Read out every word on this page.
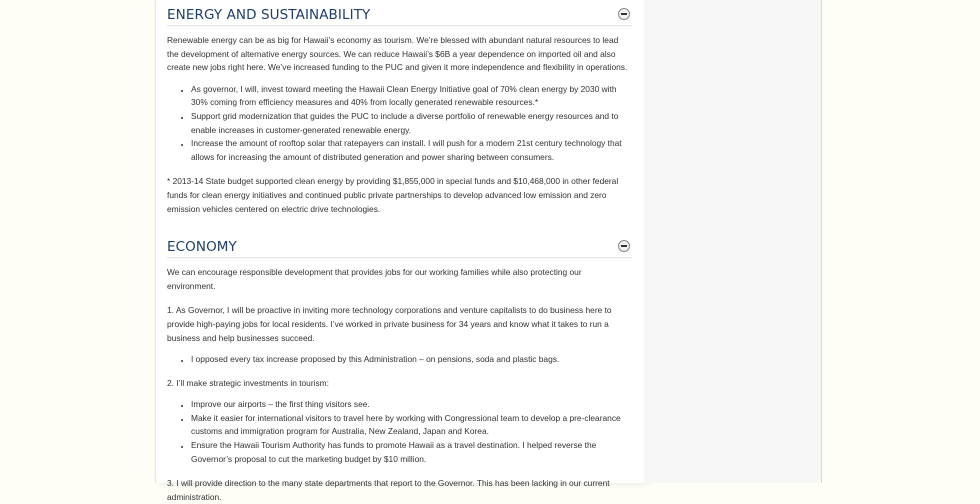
ENERGY AND SUSTAINABILITY

Renewable energy can be as big for Hawaii’s economy as tourism. We’re blessed with abundant natural resources to lead the development of alternative energy sources. We can reduce Hawaii’s $6B a year dependence on imported oil and also create new jobs right here. We’ve increased funding to the PUC and given it more independence and flexibility in operations.

• As governor, I will, invest toward meeting the Hawaii Clean Energy Initiative goal of 70% clean energy by 2030 with 30% coming from efficiency measures and 40% from locally generated renewable resources.*
• Support grid modernization that guides the PUC to include a diverse portfolio of renewable energy resources and to enable increases in customer-generated renewable energy.
• Increase the amount of rooftop solar that ratepayers can install. I will push for a modern 21st century technology that allows for increasing the amount of distributed generation and power sharing between consumers.

* 2013-14 State budget supported clean energy by providing $1,855,000 in special funds and $10,468,000 in other federal funds for clean energy initiatives and continued public private partnerships to develop advanced low emission and zero emission vehicles centered on electric drive technologies.

ECONOMY

We can encourage responsible development that provides jobs for our working families while also protecting our environment.

1. As Governor, I will be proactive in inviting more technology corporations and venture capitalists to do business here to provide high-paying jobs for local residents. I’ve worked in private business for 34 years and know what it takes to run a business and help businesses succeed.

• I opposed every tax increase proposed by this Administration – on pensions, soda and plastic bags.

2. I’ll make strategic investments in tourism:

• Improve our airports – the first thing visitors see.
• Make it easier for international visitors to travel here by working with Congressional team to develop a pre-clearance customs and immigration program for Australia, New Zealand, Japan and Korea.
• Ensure the Hawaii Tourism Authority has funds to promote Hawaii as a travel destination. I helped reverse the Governor’s proposal to cut the marketing budget by $10 million.

3. I will provide direction to the many state departments that report to the Governor. This has been lacking in our current administration.
